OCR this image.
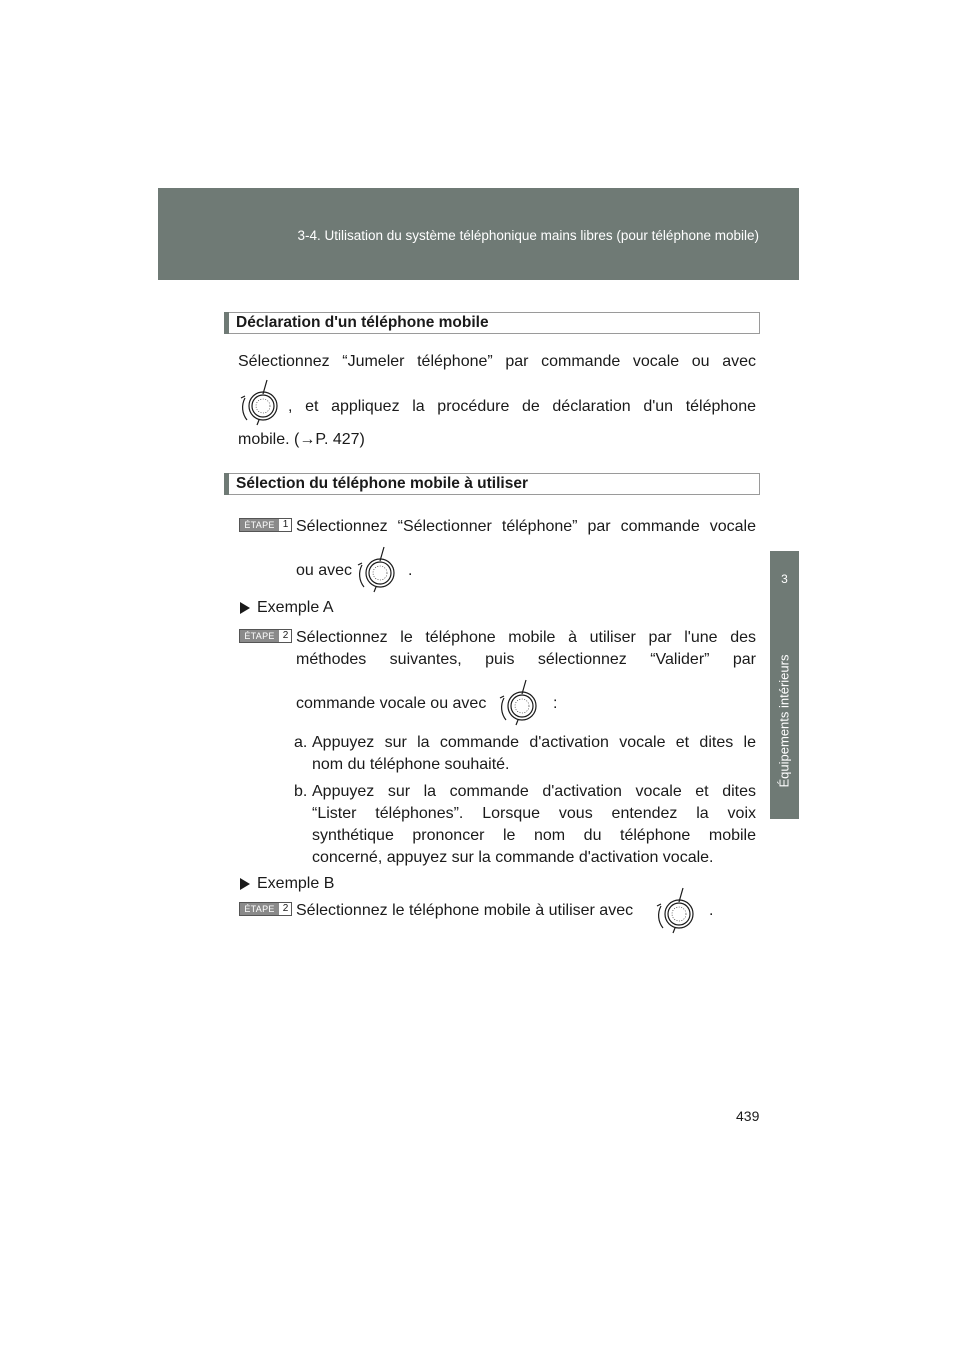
3-4. Utilisation du système téléphonique mains libres (pour téléphone mobile)
3
Équipements intérieurs
Déclaration d'un téléphone mobile
Sélectionnez “Jumeler téléphone” par commande vocale ou avec
, et appliquez la procédure de déclaration d'un téléphone
mobile. (→P. 427)
Sélection du téléphone mobile à utiliser
ÉTAPE 1 Sélectionnez “Sélectionner téléphone” par commande vocale
ou avec	.
Exemple A
ÉTAPE 2 Sélectionnez le téléphone mobile à utiliser par l'une des
méthodes suivantes, puis sélectionnez “Valider” par
commande vocale ou avec	:
a. Appuyez sur la commande d'activation vocale et dites le
nom du téléphone souhaité.
b. Appuyez sur la commande d'activation vocale et dites
“Lister téléphones”. Lorsque vous entendez la voix
synthétique prononcer le nom du téléphone mobile
concerné, appuyez sur la commande d'activation vocale.
Exemple B
ÉTAPE 2 Sélectionnez le téléphone mobile à utiliser avec	.
439
